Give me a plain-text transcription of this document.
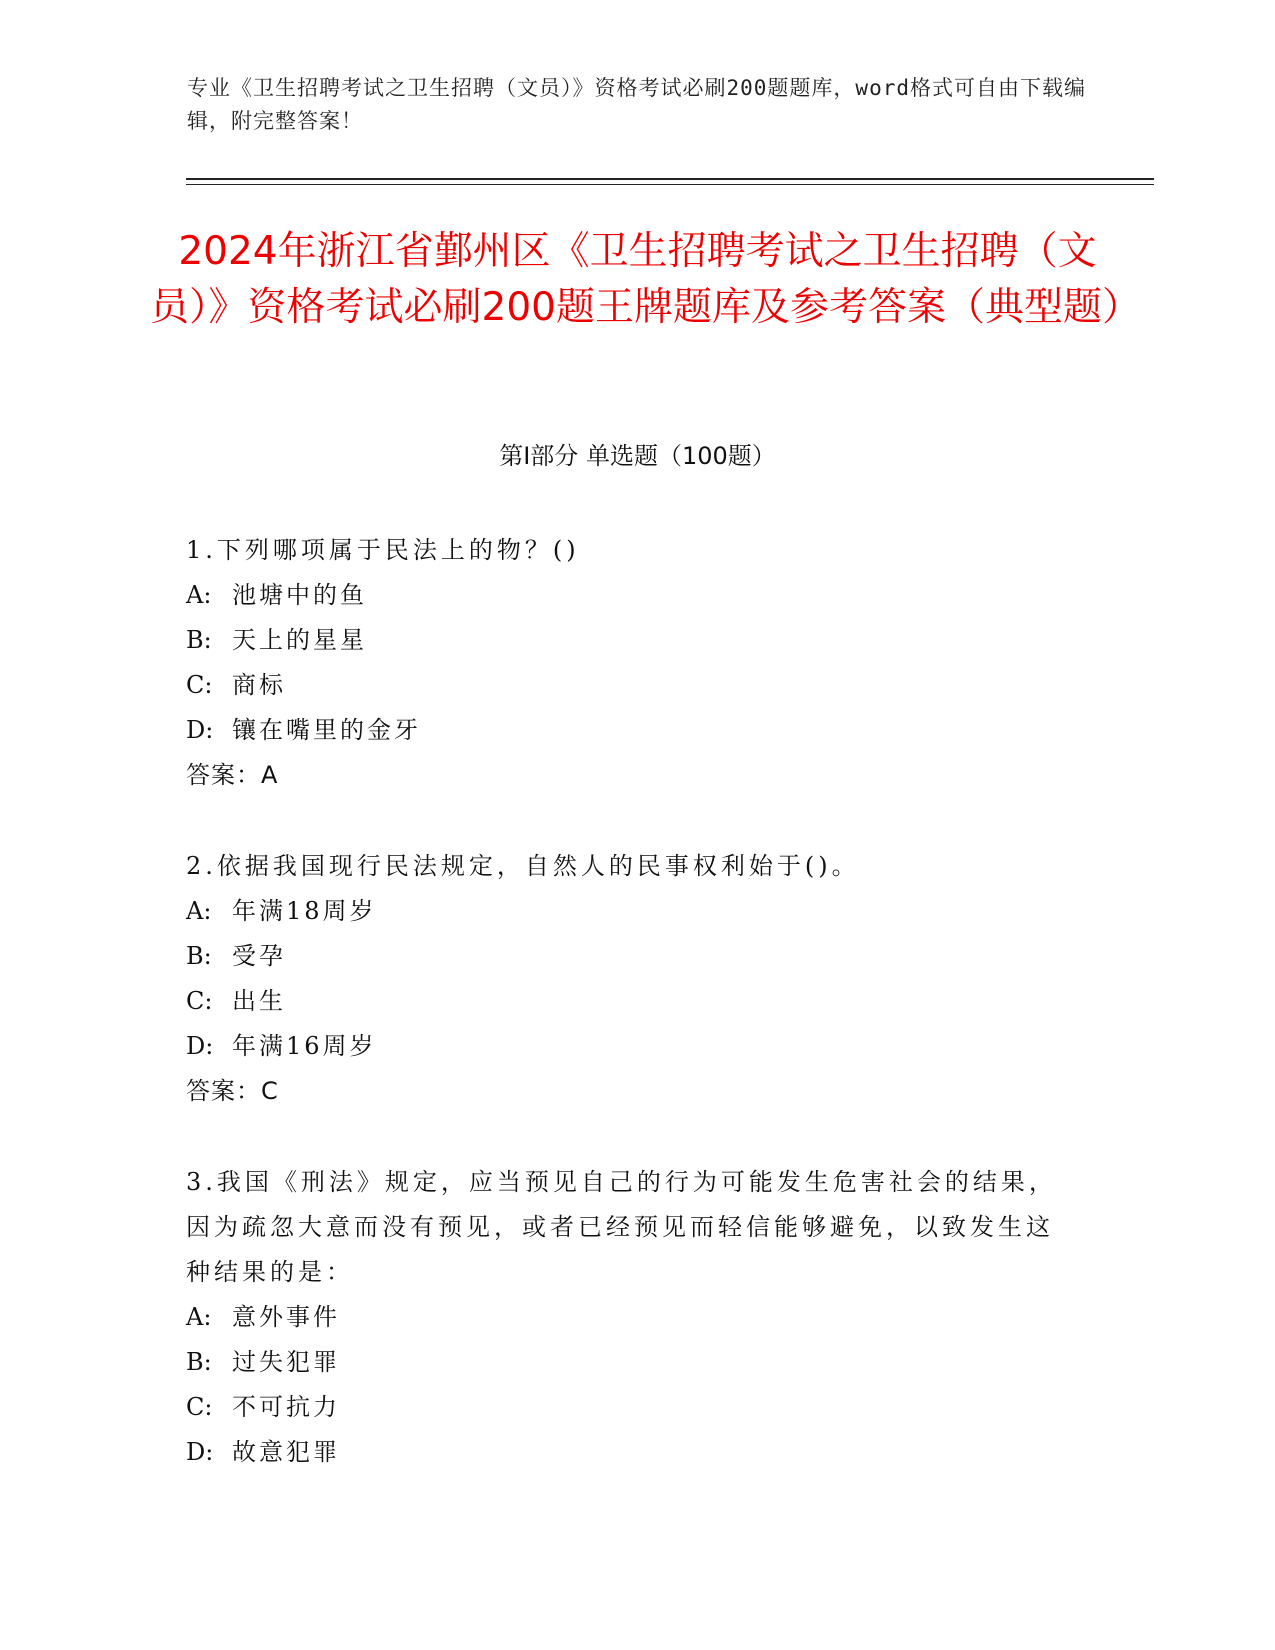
专业《卫生招聘考试之卫生招聘（文员）》资格考试必刷200题题库，word格式可自由下载编辑，附完整答案！
2024年浙江省鄞州区《卫生招聘考试之卫生招聘（文员）》资格考试必刷200题王牌题库及参考答案（典型题）
第I部分 单选题（100题）
1.下列哪项属于民法上的物？()
A: 池塘中的鱼
B: 天上的星星
C: 商标
D: 镶在嘴里的金牙
答案：A
2.依据我国现行民法规定，自然人的民事权利始于()。
A: 年满18周岁
B: 受孕
C: 出生
D: 年满16周岁
答案：C
3.我国《刑法》规定，应当预见自己的行为可能发生危害社会的结果，因为疏忽大意而没有预见，或者已经预见而轻信能够避免，以致发生这种结果的是：
A: 意外事件
B: 过失犯罪
C: 不可抗力
D: 故意犯罪
